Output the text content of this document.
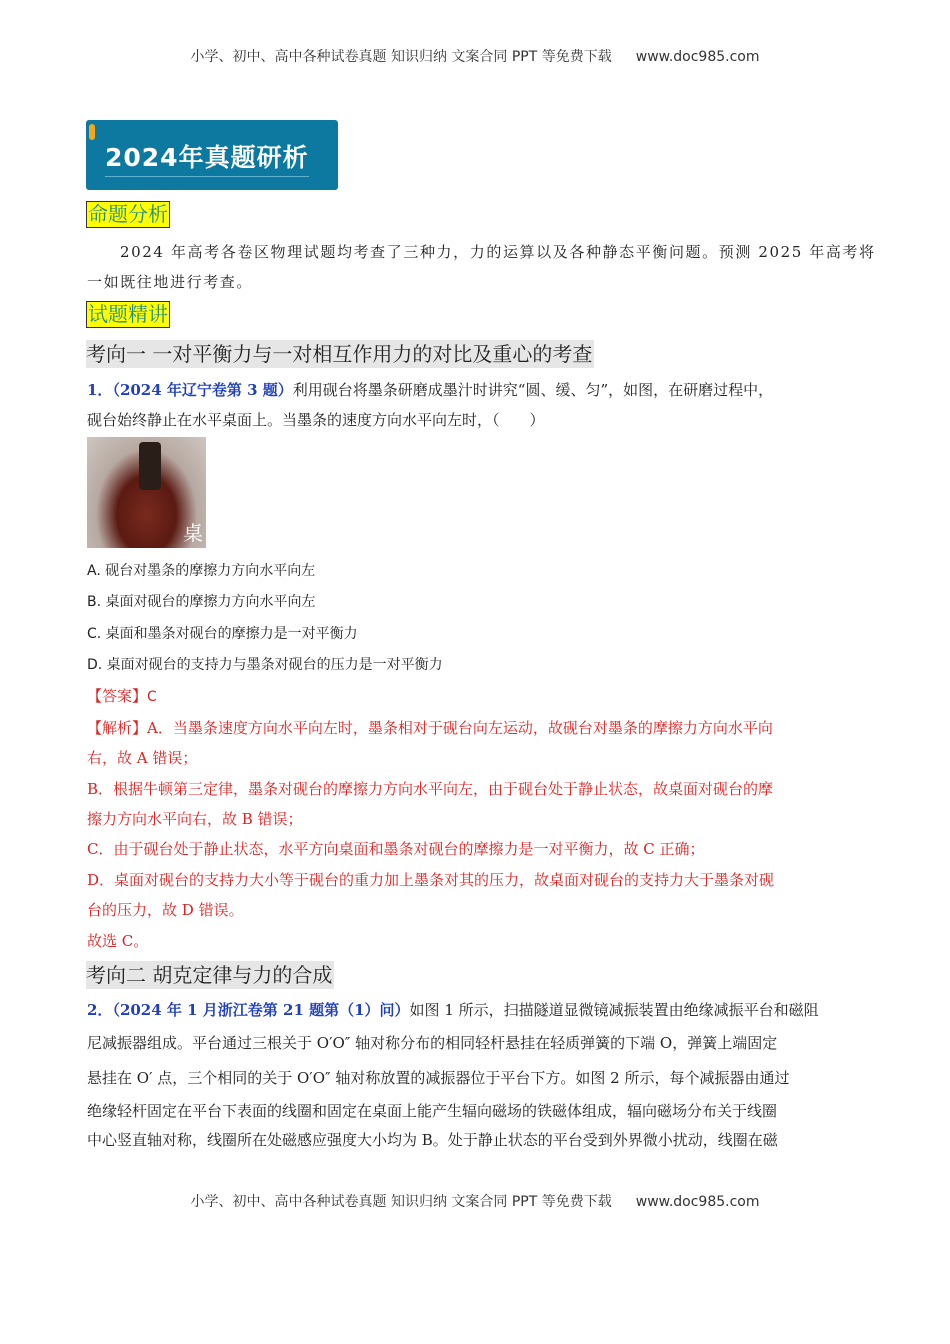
小学、初中、高中各种试卷真题 知识归纳 文案合同 PPT 等免费下载 www.doc985.com
2024年真题研析
命题分析
2024 年高考各卷区物理试题均考查了三种力，力的运算以及各种静态平衡问题。预测 2025 年高考将
一如既往地进行考查。
试题精讲
考向一 一对平衡力与一对相互作用力的对比及重心的考查
1．（2024 年辽宁卷第 3 题）利用砚台将墨条研磨成墨汁时讲究“圆、缓、匀”，如图，在研磨过程中，
砚台始终静止在水平桌面上。当墨条的速度方向水平向左时，（　　）
桌
A. 砚台对墨条的摩擦力方向水平向左
B. 桌面对砚台的摩擦力方向水平向左
C. 桌面和墨条对砚台的摩擦力是一对平衡力
D. 桌面对砚台的支持力与墨条对砚台的压力是一对平衡力
【答案】C
【解析】A．当墨条速度方向水平向左时，墨条相对于砚台向左运动，故砚台对墨条的摩擦力方向水平向
右，故 A 错误；
B．根据牛顿第三定律，墨条对砚台的摩擦力方向水平向左，由于砚台处于静止状态，故桌面对砚台的摩
擦力方向水平向右，故 B 错误；
C．由于砚台处于静止状态，水平方向桌面和墨条对砚台的摩擦力是一对平衡力，故 C 正确；
D．桌面对砚台的支持力大小等于砚台的重力加上墨条对其的压力，故桌面对砚台的支持力大于墨条对砚
台的压力，故 D 错误。
故选 C。
考向二 胡克定律与力的合成
2．（2024 年 1 月浙江卷第 21 题第（1）问）如图 1 所示，扫描隧道显微镜减振装置由绝缘减振平台和磁阻
尼减振器组成。平台通过三根关于 O′O″ 轴对称分布的相同轻杆悬挂在轻质弹簧的下端 O，弹簧上端固定
悬挂在 O′ 点，三个相同的关于 O′O″ 轴对称放置的减振器位于平台下方。如图 2 所示，每个减振器由通过
绝缘轻杆固定在平台下表面的线圈和固定在桌面上能产生辐向磁场的铁磁体组成，辐向磁场分布关于线圈
中心竖直轴对称，线圈所在处磁感应强度大小均为 B。处于静止状态的平台受到外界微小扰动，线圈在磁
小学、初中、高中各种试卷真题 知识归纳 文案合同 PPT 等免费下载 www.doc985.com
